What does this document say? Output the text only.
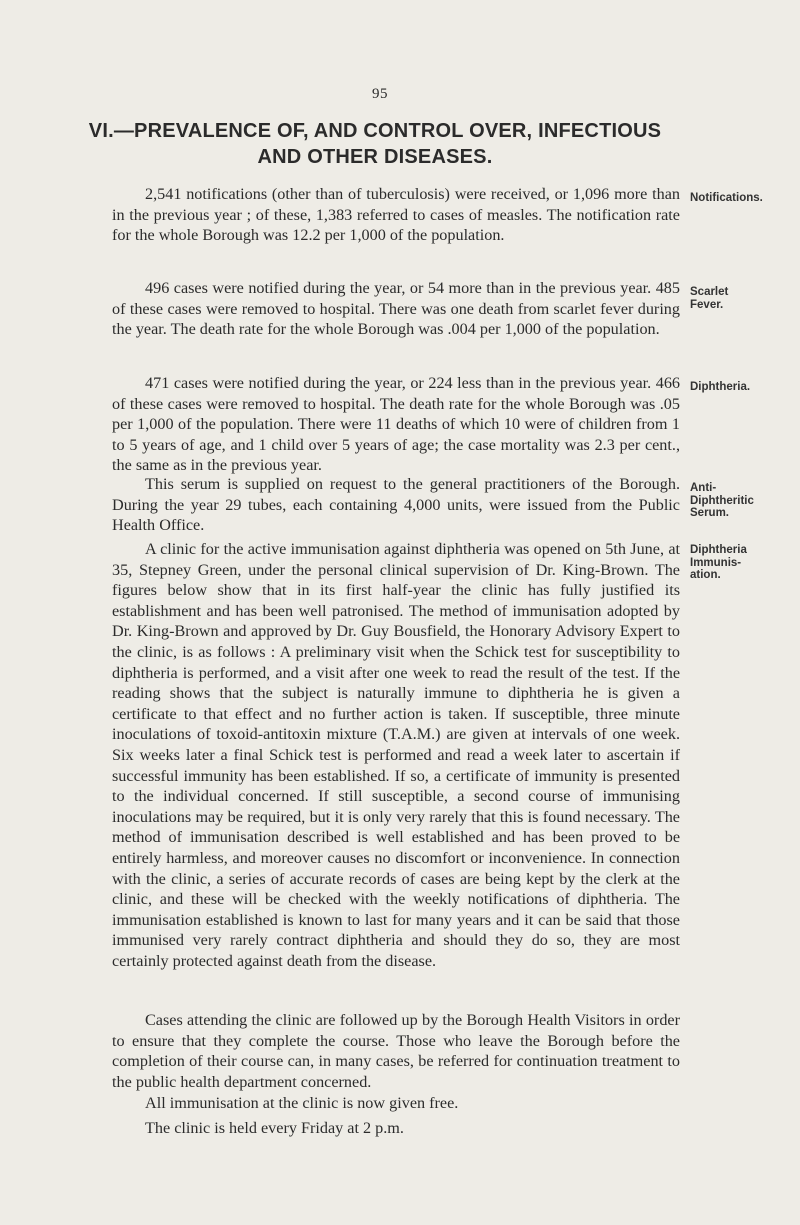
95
VI.—PREVALENCE OF, AND CONTROL OVER, INFECTIOUS AND OTHER DISEASES.

2,541 notifications (other than of tuberculosis) were received, or 1,096 more than in the previous year ; of these, 1,383 referred to cases of measles. The notification rate for the whole Borough was 12.2 per 1,000 of the population.

Notifications.

496 cases were notified during the year, or 54 more than in the previous year. 485 of these cases were removed to hospital. There was one death from scarlet fever during the year. The death rate for the whole Borough was .004 per 1,000 of the population.

Scarlet Fever.

471 cases were notified during the year, or 224 less than in the previous year. 466 of these cases were removed to hospital. The death rate for the whole Borough was .05 per 1,000 of the population. There were 11 deaths of which 10 were of children from 1 to 5 years of age, and 1 child over 5 years of age; the case mortality was 2.3 per cent., the same as in the previous year.

Diphtheria.

This serum is supplied on request to the general practitioners of the Borough. During the year 29 tubes, each containing 4,000 units, were issued from the Public Health Office.

Anti- Diphtheritic Serum.

A clinic for the active immunisation against diphtheria was opened on 5th June, at 35, Stepney Green, under the personal clinical supervision of Dr. King-Brown. The figures below show that in its first half-year the clinic has fully justified its establishment and has been well patronised. The method of immunisation adopted by Dr. King-Brown and approved by Dr. Guy Bousfield, the Honorary Advisory Expert to the clinic, is as follows : A preliminary visit when the Schick test for susceptibility to diphtheria is performed, and a visit after one week to read the result of the test. If the reading shows that the subject is naturally immune to diphtheria he is given a certificate to that effect and no further action is taken. If susceptible, three minute inoculations of toxoid-antitoxin mixture (T.A.M.) are given at intervals of one week. Six weeks later a final Schick test is performed and read a week later to ascertain if successful immunity has been established. If so, a certificate of immunity is presented to the individual concerned. If still susceptible, a second course of immunising inoculations may be required, but it is only very rarely that this is found necessary. The method of immunisation described is well established and has been proved to be entirely harmless, and moreover causes no discomfort or inconvenience. In connection with the clinic, a series of accurate records of cases are being kept by the clerk at the clinic, and these will be checked with the weekly notifications of diphtheria. The immunisation established is known to last for many years and it can be said that those immunised very rarely contract diphtheria and should they do so, they are most certainly protected against death from the disease.

Diphtheria Immunis- ation.

Cases attending the clinic are followed up by the Borough Health Visitors in order to ensure that they complete the course. Those who leave the Borough before the completion of their course can, in many cases, be referred for continuation treatment to the public health department concerned.

All immunisation at the clinic is now given free.

The clinic is held every Friday at 2 p.m.
